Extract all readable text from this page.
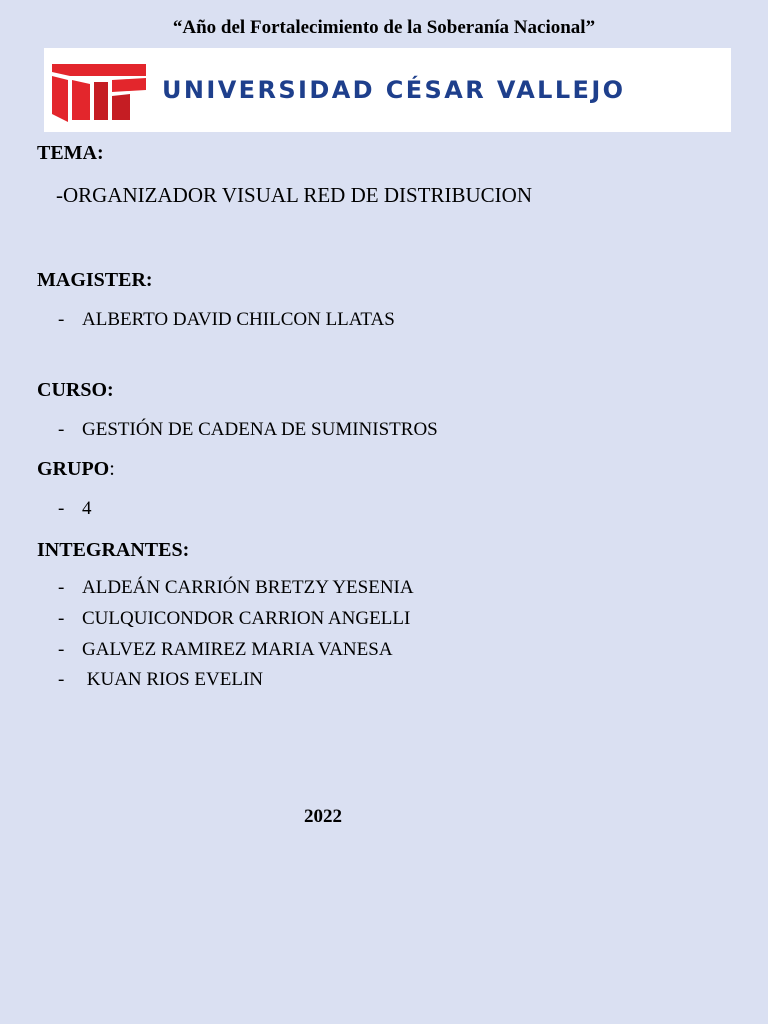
“Año del Fortalecimiento de la Soberanía Nacional”
UNIVERSIDAD CÉSAR VALLEJO
TEMA:
-ORGANIZADOR VISUAL RED DE DISTRIBUCION
MAGISTER:
- ALBERTO DAVID CHILCON LLATAS
CURSO:
- GESTIÓN DE CADENA DE SUMINISTROS
GRUPO:
- 4
INTEGRANTES:
- ALDEÁN CARRIÓN BRETZY YESENIA
- CULQUICONDOR CARRION ANGELLI
- GALVEZ RAMIREZ MARIA VANESA
- KUAN RIOS EVELIN
2022
